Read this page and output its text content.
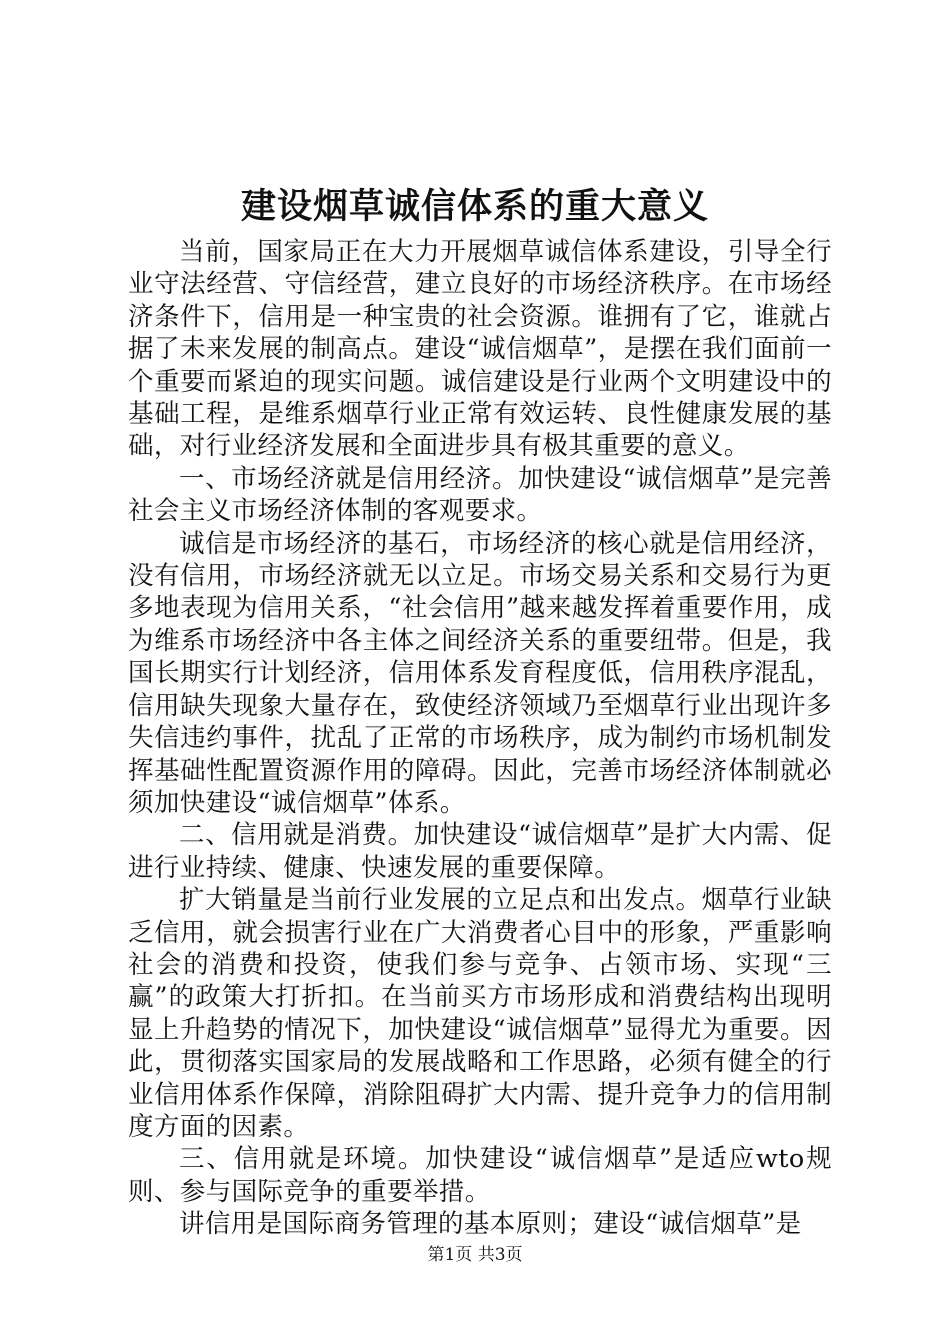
建设烟草诚信体系的重大意义

当前，国家局正在大力开展烟草诚信体系建设，引导全行业守法经营、守信经营，建立良好的市场经济秩序。在市场经济条件下，信用是一种宝贵的社会资源。谁拥有了它，谁就占据了未来发展的制高点。建设“诚信烟草”，是摆在我们面前一个重要而紧迫的现实问题。诚信建设是行业两个文明建设中的基础工程，是维系烟草行业正常有效运转、良性健康发展的基础，对行业经济发展和全面进步具有极其重要的意义。

一、市场经济就是信用经济。加快建设“诚信烟草”是完善社会主义市场经济体制的客观要求。

诚信是市场经济的基石，市场经济的核心就是信用经济，没有信用，市场经济就无以立足。市场交易关系和交易行为更多地表现为信用关系，“社会信用”越来越发挥着重要作用，成为维系市场经济中各主体之间经济关系的重要纽带。但是，我国长期实行计划经济，信用体系发育程度低，信用秩序混乱，信用缺失现象大量存在，致使经济领域乃至烟草行业出现许多失信违约事件，扰乱了正常的市场秩序，成为制约市场机制发挥基础性配置资源作用的障碍。因此，完善市场经济体制就必须加快建设“诚信烟草”体系。

二、信用就是消费。加快建设“诚信烟草”是扩大内需、促进行业持续、健康、快速发展的重要保障。

扩大销量是当前行业发展的立足点和出发点。烟草行业缺乏信用，就会损害行业在广大消费者心目中的形象，严重影响社会的消费和投资，使我们参与竞争、占领市场、实现“三赢”的政策大打折扣。在当前买方市场形成和消费结构出现明显上升趋势的情况下，加快建设“诚信烟草”显得尤为重要。因此，贯彻落实国家局的发展战略和工作思路，必须有健全的行业信用体系作保障，消除阻碍扩大内需、提升竞争力的信用制度方面的因素。

三、信用就是环境。加快建设“诚信烟草”是适应wto规则、参与国际竞争的重要举措。

讲信用是国际商务管理的基本原则；建设“诚信烟草”是

第1页 共3页
